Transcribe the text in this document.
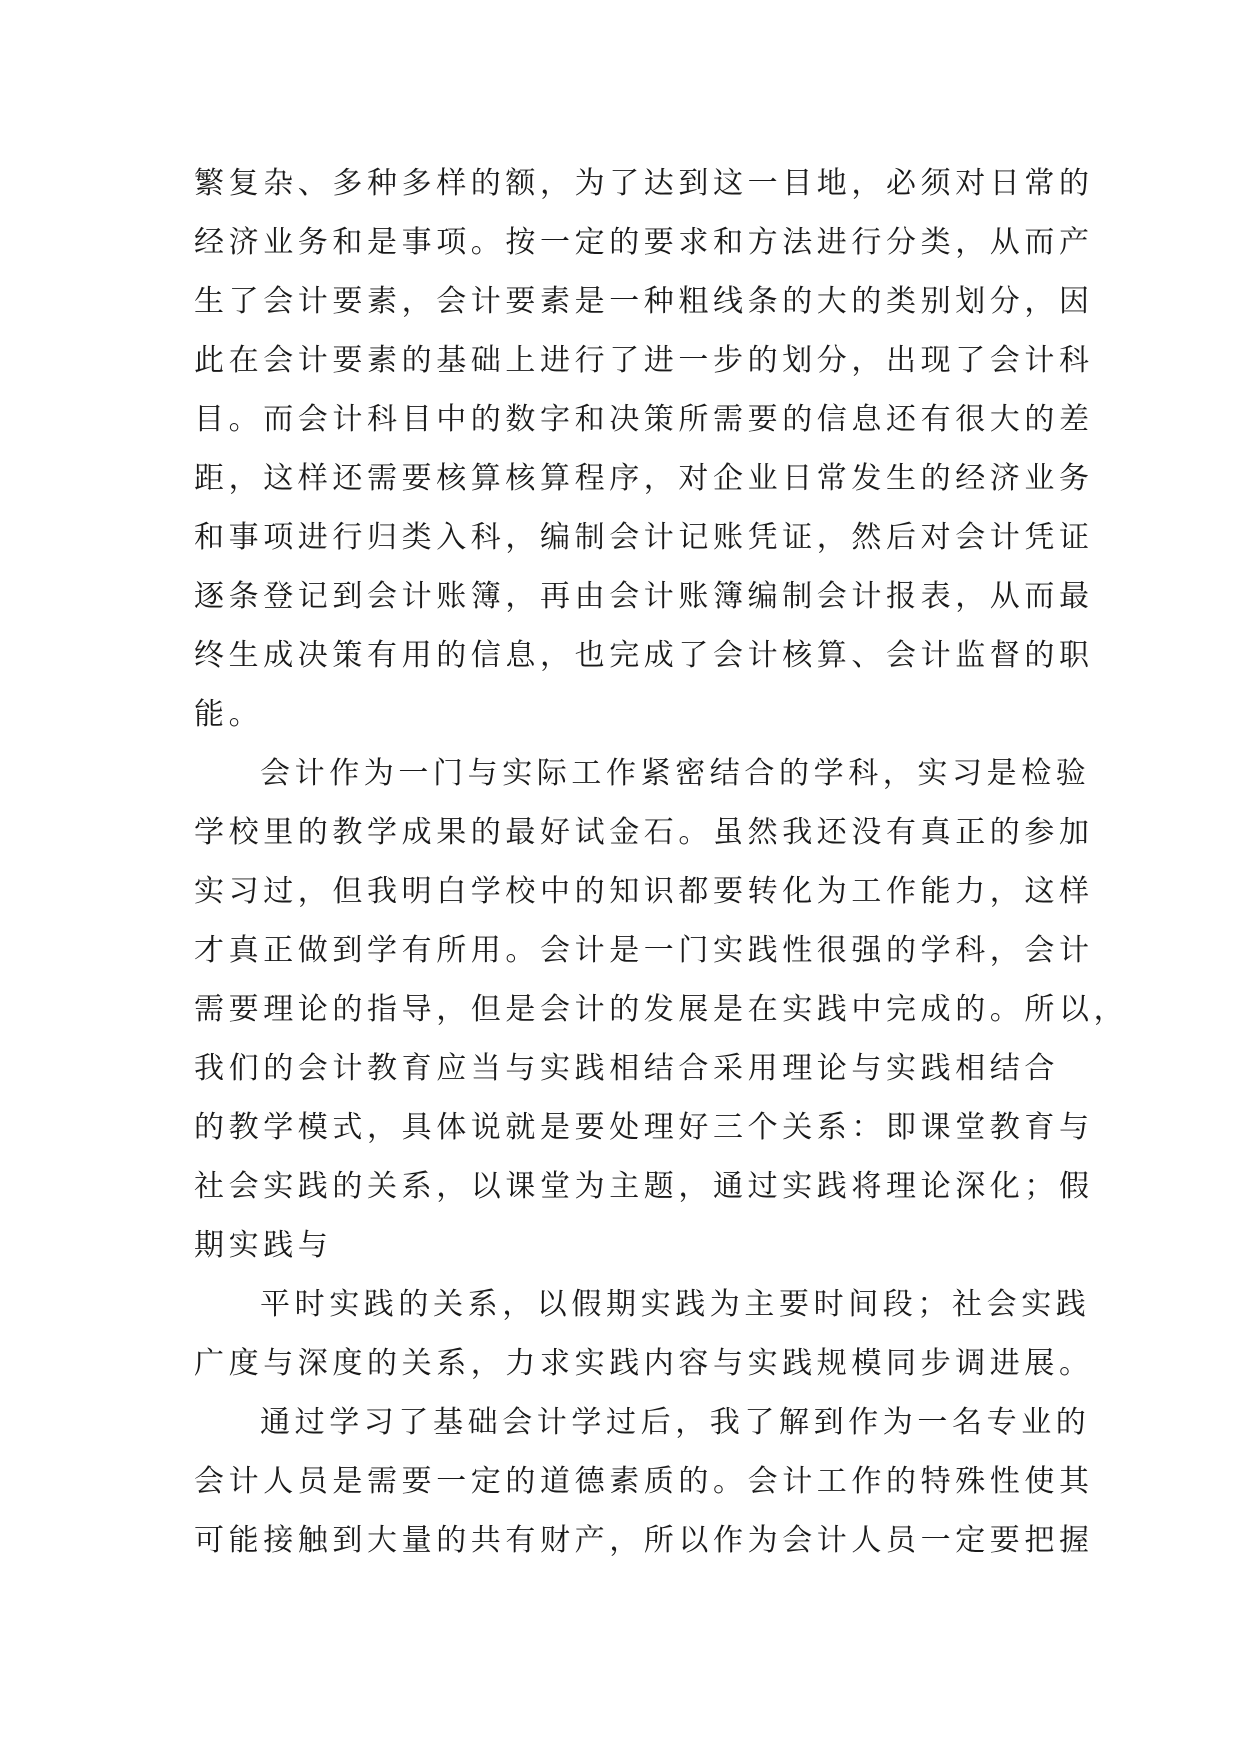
繁复杂、多种多样的额，为了达到这一目地，必须对日常的
经济业务和是事项。按一定的要求和方法进行分类，从而产
生了会计要素，会计要素是一种粗线条的大的类别划分，因
此在会计要素的基础上进行了进一步的划分，出现了会计科
目。而会计科目中的数字和决策所需要的信息还有很大的差
距，这样还需要核算核算程序，对企业日常发生的经济业务
和事项进行归类入科，编制会计记账凭证，然后对会计凭证
逐条登记到会计账簿，再由会计账簿编制会计报表，从而最
终生成决策有用的信息，也完成了会计核算、会计监督的职
能。
会计作为一门与实际工作紧密结合的学科，实习是检验
学校里的教学成果的最好试金石。虽然我还没有真正的参加
实习过，但我明白学校中的知识都要转化为工作能力，这样
才真正做到学有所用。会计是一门实践性很强的学科，会计
需要理论的指导，但是会计的发展是在实践中完成的。所以，
我们的会计教育应当与实践相结合采用理论与实践相结合
的教学模式，具体说就是要处理好三个关系：即课堂教育与
社会实践的关系，以课堂为主题，通过实践将理论深化；假
期实践与
平时实践的关系，以假期实践为主要时间段；社会实践
广度与深度的关系，力求实践内容与实践规模同步调进展。
通过学习了基础会计学过后，我了解到作为一名专业的
会计人员是需要一定的道德素质的。会计工作的特殊性使其
可能接触到大量的共有财产，所以作为会计人员一定要把握
